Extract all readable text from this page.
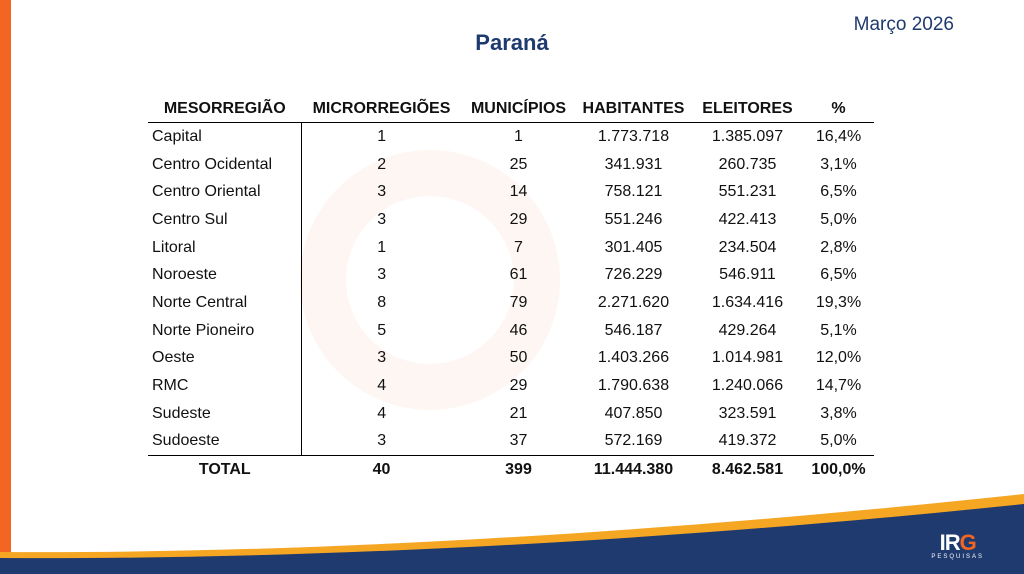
Março 2026
Paraná
MESORREGIÃO	MICRORREGIÕES	MUNICÍPIOS	HABITANTES	ELEITORES	%
Capital	1	1	1.773.718	1.385.097	16,4%
Centro Ocidental	2	25	341.931	260.735	3,1%
Centro Oriental	3	14	758.121	551.231	6,5%
Centro Sul	3	29	551.246	422.413	5,0%
Litoral	1	7	301.405	234.504	2,8%
Noroeste	3	61	726.229	546.911	6,5%
Norte Central	8	79	2.271.620	1.634.416	19,3%
Norte Pioneiro	5	46	546.187	429.264	5,1%
Oeste	3	50	1.403.266	1.014.981	12,0%
RMC	4	29	1.790.638	1.240.066	14,7%
Sudeste	4	21	407.850	323.591	3,8%
Sudoeste	3	37	572.169	419.372	5,0%
TOTAL	40	399	11.444.380	8.462.581	100,0%
IRG
PESQUISAS
